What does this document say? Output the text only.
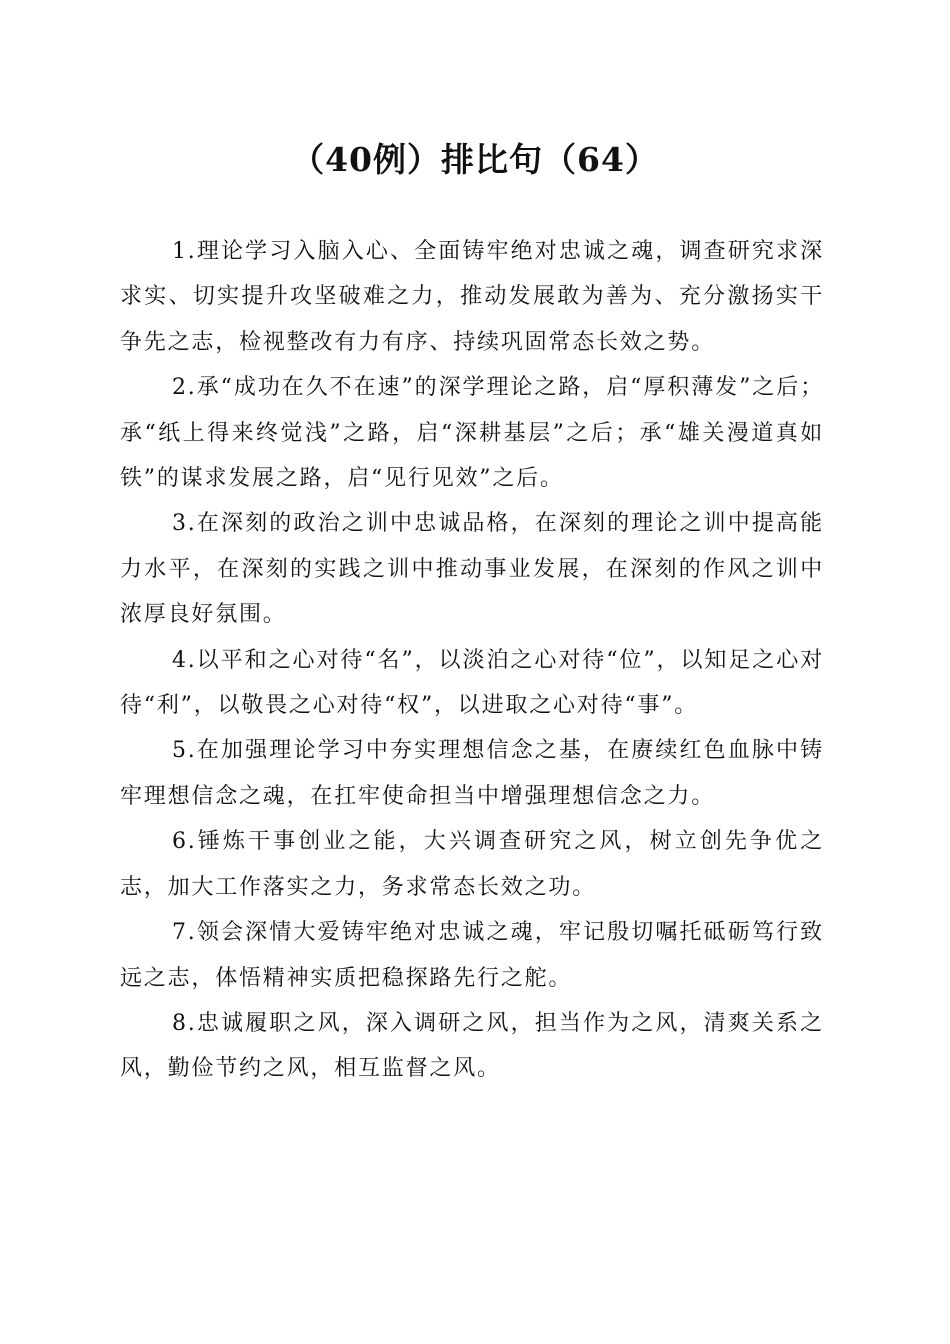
（40例）排比句（64）

1.理论学习入脑入心、全面铸牢绝对忠诚之魂，调查研究求深求实、切实提升攻坚破难之力，推动发展敢为善为、充分激扬实干争先之志，检视整改有力有序、持续巩固常态长效之势。

2.承“成功在久不在速”的深学理论之路，启“厚积薄发”之后；承“纸上得来终觉浅”之路，启“深耕基层”之后；承“雄关漫道真如铁”的谋求发展之路，启“见行见效”之后。

3.在深刻的政治之训中忠诚品格，在深刻的理论之训中提高能力水平，在深刻的实践之训中推动事业发展，在深刻的作风之训中浓厚良好氛围。

4.以平和之心对待“名”，以淡泊之心对待“位”，以知足之心对待“利”，以敬畏之心对待“权”，以进取之心对待“事”。

5.在加强理论学习中夯实理想信念之基，在赓续红色血脉中铸牢理想信念之魂，在扛牢使命担当中增强理想信念之力。

6.锤炼干事创业之能，大兴调查研究之风，树立创先争优之志，加大工作落实之力，务求常态长效之功。

7.领会深情大爱铸牢绝对忠诚之魂，牢记殷切嘱托砥砺笃行致远之志，体悟精神实质把稳探路先行之舵。

8.忠诚履职之风，深入调研之风，担当作为之风，清爽关系之风，勤俭节约之风，相互监督之风。
